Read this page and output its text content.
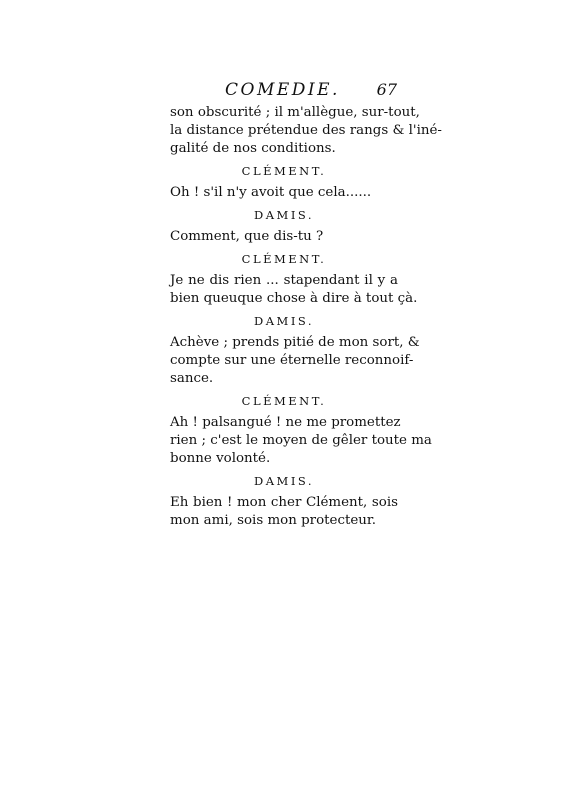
COMEDIE. 67
son obscurité ; il m'allègue, sur-tout,
la distance prétendue des rangs & l'iné-
galité de nos conditions.
CLÉMENT.
Oh ! s'il n'y avoit que cela......
DAMIS.
Comment, que dis-tu ?
CLÉMENT.
Je ne dis rien ... stapendant il y a
bien queuque chose à dire à tout çà.
DAMIS.
Achève ; prends pitié de mon sort, &
compte sur une éternelle reconnoif-
sance.
CLÉMENT.
Ah ! palsangué ! ne me promettez
rien ; c'est le moyen de gêler toute ma
bonne volonté.
DAMIS.
Eh bien ! mon cher Clément, sois
mon ami, sois mon protecteur.
